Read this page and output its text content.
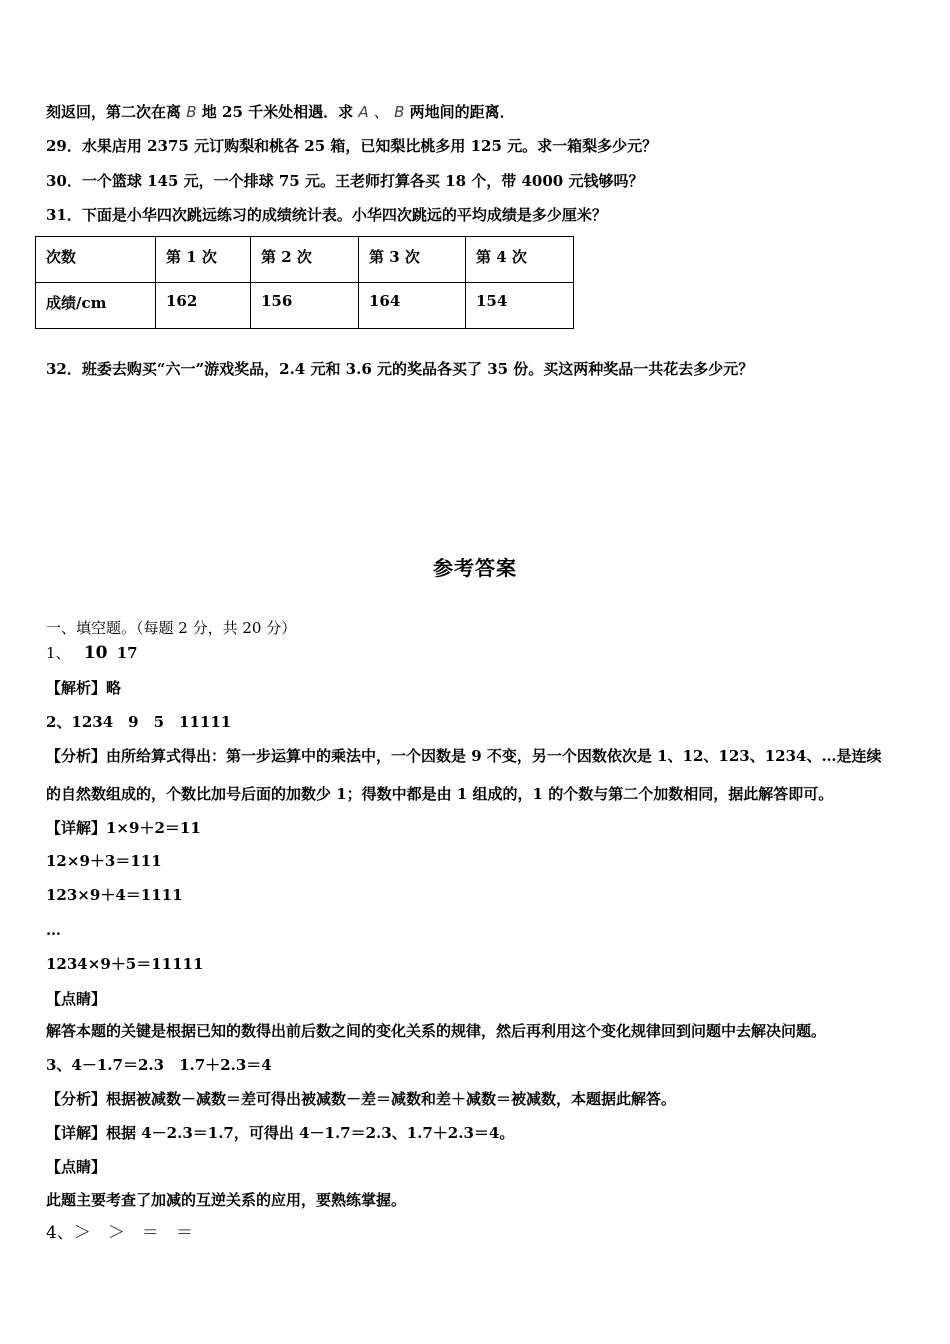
刻返回，第二次在离 B 地 25 千米处相遇．求 A 、 B 两地间的距离．
29．水果店用 2375 元订购梨和桃各 25 箱，已知梨比桃多用 125 元。求一箱梨多少元？
30．一个篮球 145 元，一个排球 75 元。王老师打算各买 18 个，带 4000 元钱够吗？
31．下面是小华四次跳远练习的成绩统计表。小华四次跳远的平均成绩是多少厘米？
次数	第 1 次	第 2 次	第 3 次	第 4 次
成绩/cm	162	156	164	154
32．班委去购买“六一”游戏奖品，2.4 元和 3.6 元的奖品各买了 35 份。买这两种奖品一共花去多少元？
参考答案
一、填空题。（每题 2 分，共 20 分）
1、 10 17
【解析】略
2、1234　9　5　11111
【分析】由所给算式得出：第一步运算中的乘法中，一个因数是 9 不变，另一个因数依次是 1、12、123、1234、…是连续
的自然数组成的，个数比加号后面的加数少 1；得数中都是由 1 组成的，1 的个数与第二个加数相同，据此解答即可。
【详解】1×9＋2＝11
12×9＋3＝111
123×9＋4＝1111
…
1234×9＋5＝11111
【点睛】
解答本题的关键是根据已知的数得出前后数之间的变化关系的规律，然后再利用这个变化规律回到问题中去解决问题。
3、4－1.7＝2.3　1.7＋2.3＝4
【分析】根据被减数－减数＝差可得出被减数－差＝减数和差＋减数＝被减数，本题据此解答。
【详解】根据 4－2.3＝1.7，可得出 4－1.7＝2.3、1.7＋2.3＝4。
【点睛】
此题主要考查了加减的互逆关系的应用，要熟练掌握。
4、＞　＞　＝　＝
